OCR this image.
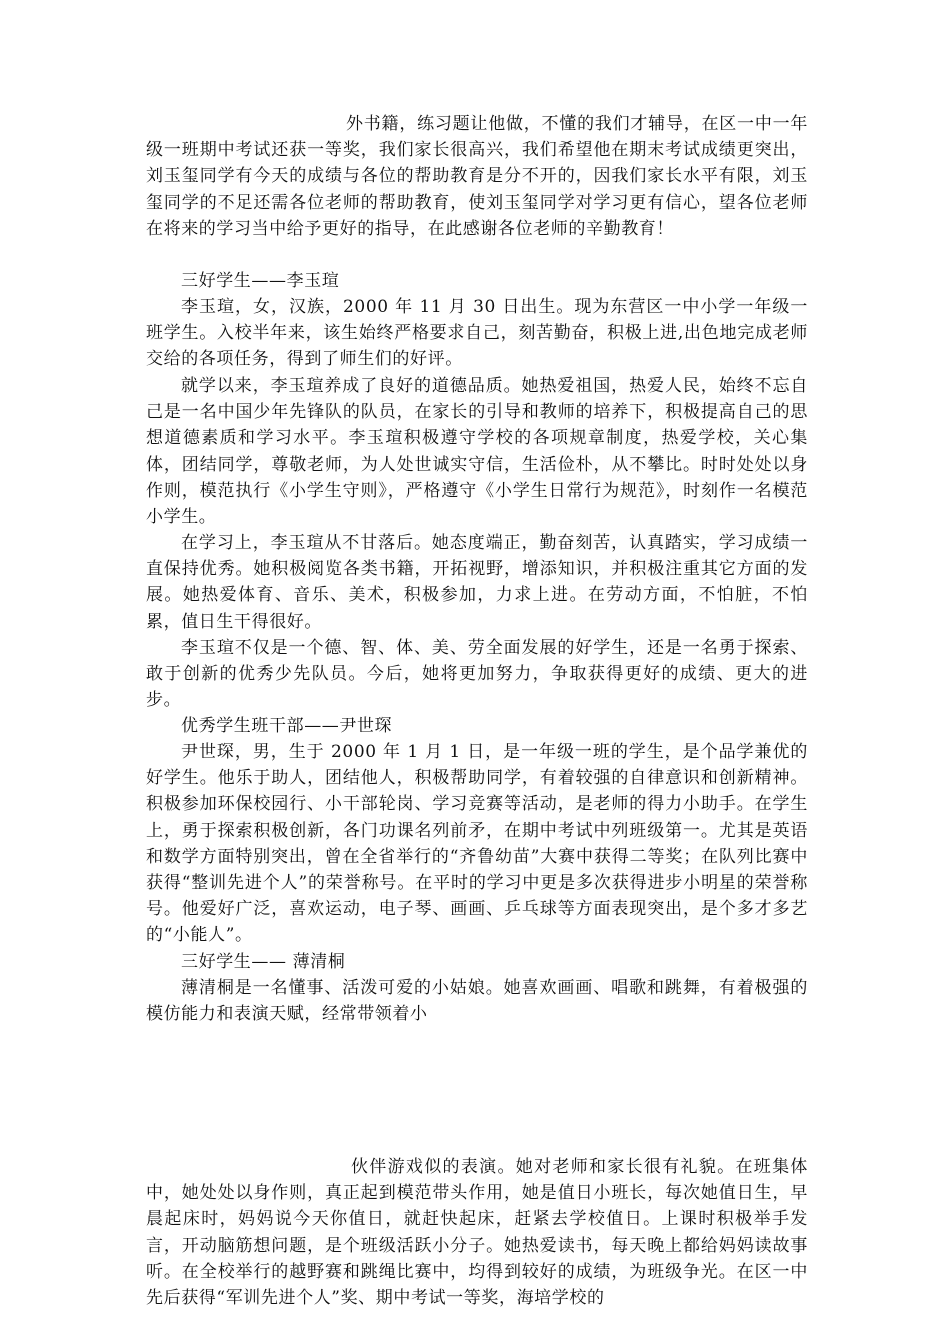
外书籍，练习题让他做，不懂的我们才辅导，在区一中一年级一班期中考试还获一等奖，我们家长很高兴，我们希望他在期末考试成绩更突出，刘玉玺同学有今天的成绩与各位的帮助教育是分不开的，因我们家长水平有限，刘玉玺同学的不足还需各位老师的帮助教育，使刘玉玺同学对学习更有信心，望各位老师在将来的学习当中给予更好的指导，在此感谢各位老师的辛勤教育！

三好学生——李玉瑄

李玉瑄，女，汉族，2000 年 11 月 30 日出生。现为东营区一中小学一年级一班学生。入校半年来，该生始终严格要求自己，刻苦勤奋，积极上进,出色地完成老师交给的各项任务，得到了师生们的好评。

就学以来，李玉瑄养成了良好的道德品质。她热爱祖国，热爱人民，始终不忘自己是一名中国少年先锋队的队员，在家长的引导和教师的培养下，积极提高自己的思想道德素质和学习水平。李玉瑄积极遵守学校的各项规章制度，热爱学校，关心集体，团结同学，尊敬老师，为人处世诚实守信，生活俭朴，从不攀比。时时处处以身作则，模范执行《小学生守则》，严格遵守《小学生日常行为规范》，时刻作一名模范小学生。

在学习上，李玉瑄从不甘落后。她态度端正，勤奋刻苦，认真踏实，学习成绩一直保持优秀。她积极阅览各类书籍，开拓视野，增添知识，并积极注重其它方面的发展。她热爱体育、音乐、美术，积极参加，力求上进。在劳动方面，不怕脏，不怕累，值日生干得很好。

李玉瑄不仅是一个德、智、体、美、劳全面发展的好学生，还是一名勇于探索、敢于创新的优秀少先队员。今后，她将更加努力，争取获得更好的成绩、更大的进步。

优秀学生班干部——尹世琛

尹世琛，男，生于 2000 年 1 月 1 日，是一年级一班的学生，是个品学兼优的好学生。他乐于助人，团结他人，积极帮助同学，有着较强的自律意识和创新精神。积极参加环保校园行、小干部轮岗、学习竞赛等活动，是老师的得力小助手。在学生上，勇于探索积极创新，各门功课名列前矛，在期中考试中列班级第一。尤其是英语和数学方面特别突出，曾在全省举行的“齐鲁幼苗”大赛中获得二等奖；在队列比赛中获得“整训先进个人”的荣誉称号。在平时的学习中更是多次获得进步小明星的荣誉称号。他爱好广泛，喜欢运动，电子琴、画画、乒乓球等方面表现突出，是个多才多艺的“小能人”。

三好学生—— 薄清桐

薄清桐是一名懂事、活泼可爱的小姑娘。她喜欢画画、唱歌和跳舞，有着极强的模仿能力和表演天赋，经常带领着小

伙伴游戏似的表演。她对老师和家长很有礼貌。在班集体中，她处处以身作则，真正起到模范带头作用，她是值日小班长，每次她值日生，早晨起床时，妈妈说今天你值日，就赶快起床，赶紧去学校值日。上课时积极举手发言，开动脑筋想问题，是个班级活跃小分子。她热爱读书，每天晚上都给妈妈读故事听。在全校举行的越野赛和跳绳比赛中，均得到较好的成绩，为班级争光。在区一中先后获得“军训先进个人”奖、期中考试一等奖，海培学校的
